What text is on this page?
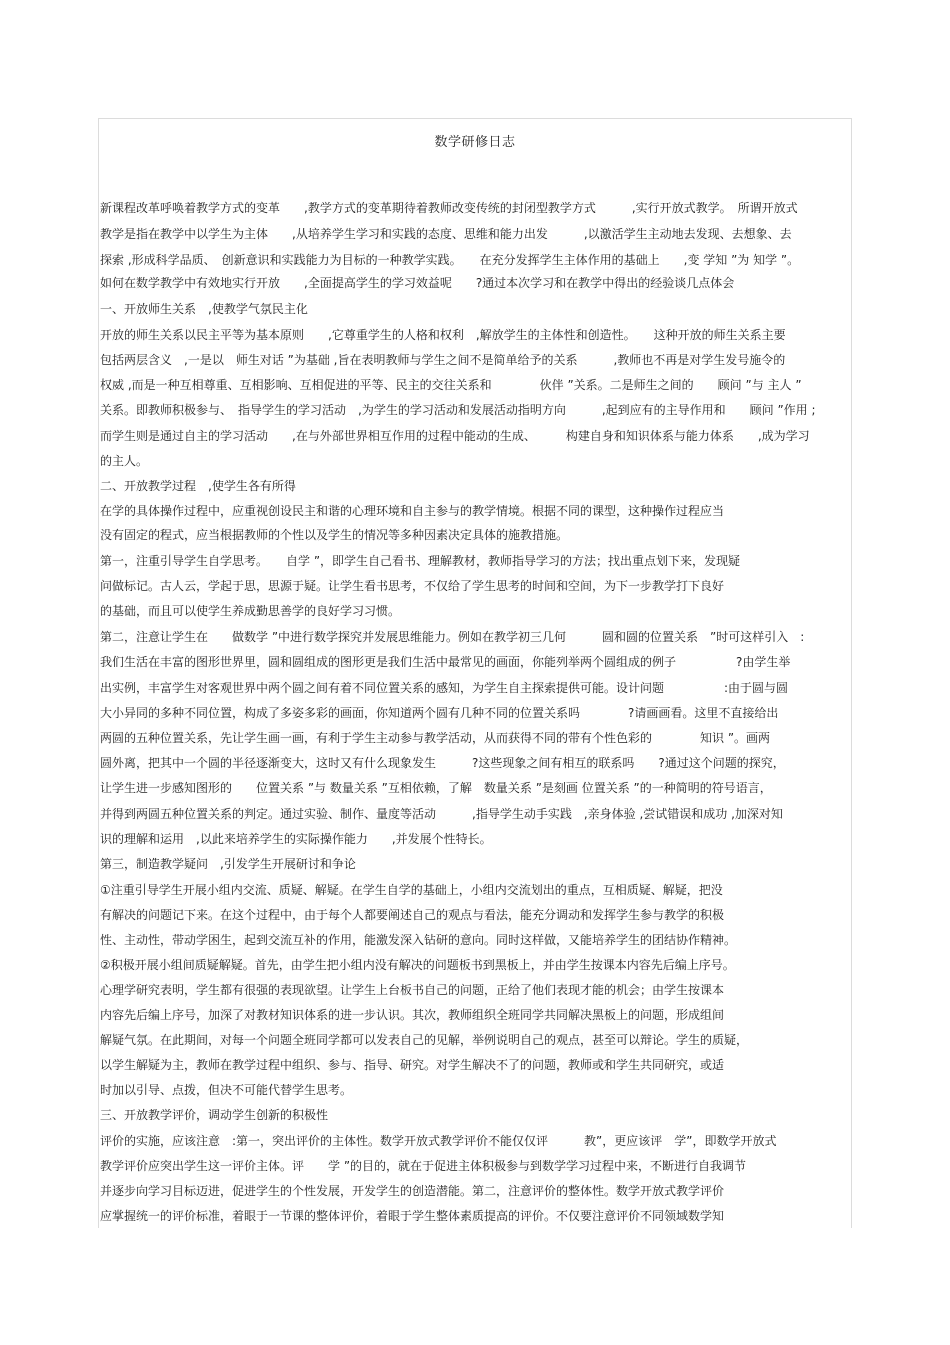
数学研修日志
新课程改革呼唤着教学方式的变革　　,教学方式的变革期待着教师改变传统的封闭型教学方式　　　,实行开放式教学。　所谓开放式
教学是指在教学中以学生为主体　　,从培养学生学习和实践的态度、思维和能力出发　　　,以激活学生主动地去发现、去想象、去
探索 ,形成科学品质、　创新意识和实践能力为目标的一种教学实践。　　在充分发挥学生主体作用的基础上　　,变 学知 ”为 知学 ”。
如何在数学教学中有效地实行开放　　,全面提高学生的学习效益呢　　?通过本次学习和在教学中得出的经验谈几点体会
一、开放师生关系　,使教学气氛民主化
开放的师生关系以民主平等为基本原则　　,它尊重学生的人格和权利　,解放学生的主体性和创造性。　　这种开放的师生关系主要
包括两层含义　,一是以　师生对话 ”为基础 ,旨在表明教师与学生之间不是简单给予的关系　　　,教师也不再是对学生发号施令的
权威 ,而是一种互相尊重、互相影响、互相促进的平等、民主的交往关系和　　　　伙伴 ”关系。二是师生之间的　　顾问 ”与 主人 ”
关系。即教师积极参与、　指导学生的学习活动　,为学生的学习活动和发展活动指明方向　　　,起到应有的主导作用和　　顾问 ”作用 ;
而学生则是通过自主的学习活动　　,在与外部世界相互作用的过程中能动的生成、　　　构建自身和知识体系与能力体系　　,成为学习
的主人。
二、开放教学过程　,使学生各有所得
在学的具体操作过程中，应重视创设民主和谐的心理环境和自主参与的教学情境。根据不同的课型，这种操作过程应当
没有固定的程式，应当根据教师的个性以及学生的情况等多种因素决定具体的施教措施。
第一，注重引导学生自学思考。　　自学 ”，即学生自己看书、理解教材，教师指导学习的方法；找出重点划下来，发现疑
问做标记。古人云，学起于思，思源于疑。让学生看书思考，不仅给了学生思考的时间和空间，为下一步教学打下良好
的基础，而且可以使学生养成勤思善学的良好学习习惯。
第二，注意让学生在　　做数学 ”中进行数学探究并发展思维能力。例如在教学初三几何　　　圆和圆的位置关系　”时可这样引入　:
我们生活在丰富的图形世界里，圆和圆组成的图形更是我们生活中最常见的画面，你能列举两个圆组成的例子　　　　　?由学生举
出实例，丰富学生对客观世界中两个圆之间有着不同位置关系的感知，为学生自主探索提供可能。设计问题　　　　　:由于圆与圆
大小异同的多种不同位置，构成了多姿多彩的画面，你知道两个圆有几种不同的位置关系吗　　　　?请画画看。这里不直接给出
两圆的五种位置关系，先让学生画一画，有利于学生主动参与教学活动，从而获得不同的带有个性色彩的　　　　知识 ”。画两
圆外离，把其中一个圆的半径逐渐变大，这时又有什么现象发生　　　?这些现象之间有相互的联系吗　　?通过这个问题的探究，
让学生进一步感知图形的　　位置关系 ”与 数量关系 ”互相依赖，了解　数量关系 ”是刻画 位置关系 ”的一种简明的符号语言，
并得到两圆五种位置关系的判定。通过实验、制作、量度等活动　　　,指导学生动手实践　,亲身体验 ,尝试错误和成功 ,加深对知
识的理解和运用　,以此来培养学生的实际操作能力　　,并发展个性特长。
第三，制造教学疑问　,引发学生开展研讨和争论
①注重引导学生开展小组内交流、质疑、解疑。在学生自学的基础上，小组内交流划出的重点，互相质疑、解疑，把没
有解决的问题记下来。在这个过程中，由于每个人都要阐述自己的观点与看法，能充分调动和发挥学生参与教学的积极
性、主动性，带动学困生，起到交流互补的作用，能激发深入钻研的意向。同时这样做，又能培养学生的团结协作精神。
②积极开展小组间质疑解疑。首先，由学生把小组内没有解决的问题板书到黑板上，并由学生按课本内容先后编上序号。
心理学研究表明，学生都有很强的表现欲望。让学生上台板书自己的问题，正给了他们表现才能的机会；由学生按课本
内容先后编上序号，加深了对教材知识体系的进一步认识。其次，教师组织全班同学共同解决黑板上的问题，形成组间
解疑气氛。在此期间，对每一个问题全班同学都可以发表自己的见解，举例说明自己的观点，甚至可以辩论。学生的质疑，
以学生解疑为主，教师在教学过程中组织、参与、指导、研究。对学生解决不了的问题，教师或和学生共同研究，或适
时加以引导、点拨，但决不可能代替学生思考。
三、开放教学评价，调动学生创新的积极性
评价的实施，应该注意　:第一，突出评价的主体性。数学开放式教学评价不能仅仅评　　　教”，更应该评　学”，即数学开放式
教学评价应突出学生这一评价主体。评　　学 ”的目的，就在于促进主体积极参与到数学学习过程中来，不断进行自我调节
并逐步向学习目标迈进，促进学生的个性发展，开发学生的创造潜能。第二，注意评价的整体性。数学开放式教学评价
应掌握统一的评价标准，着眼于一节课的整体评价，着眼于学生整体素质提高的评价。不仅要注意评价不同领域数学知
